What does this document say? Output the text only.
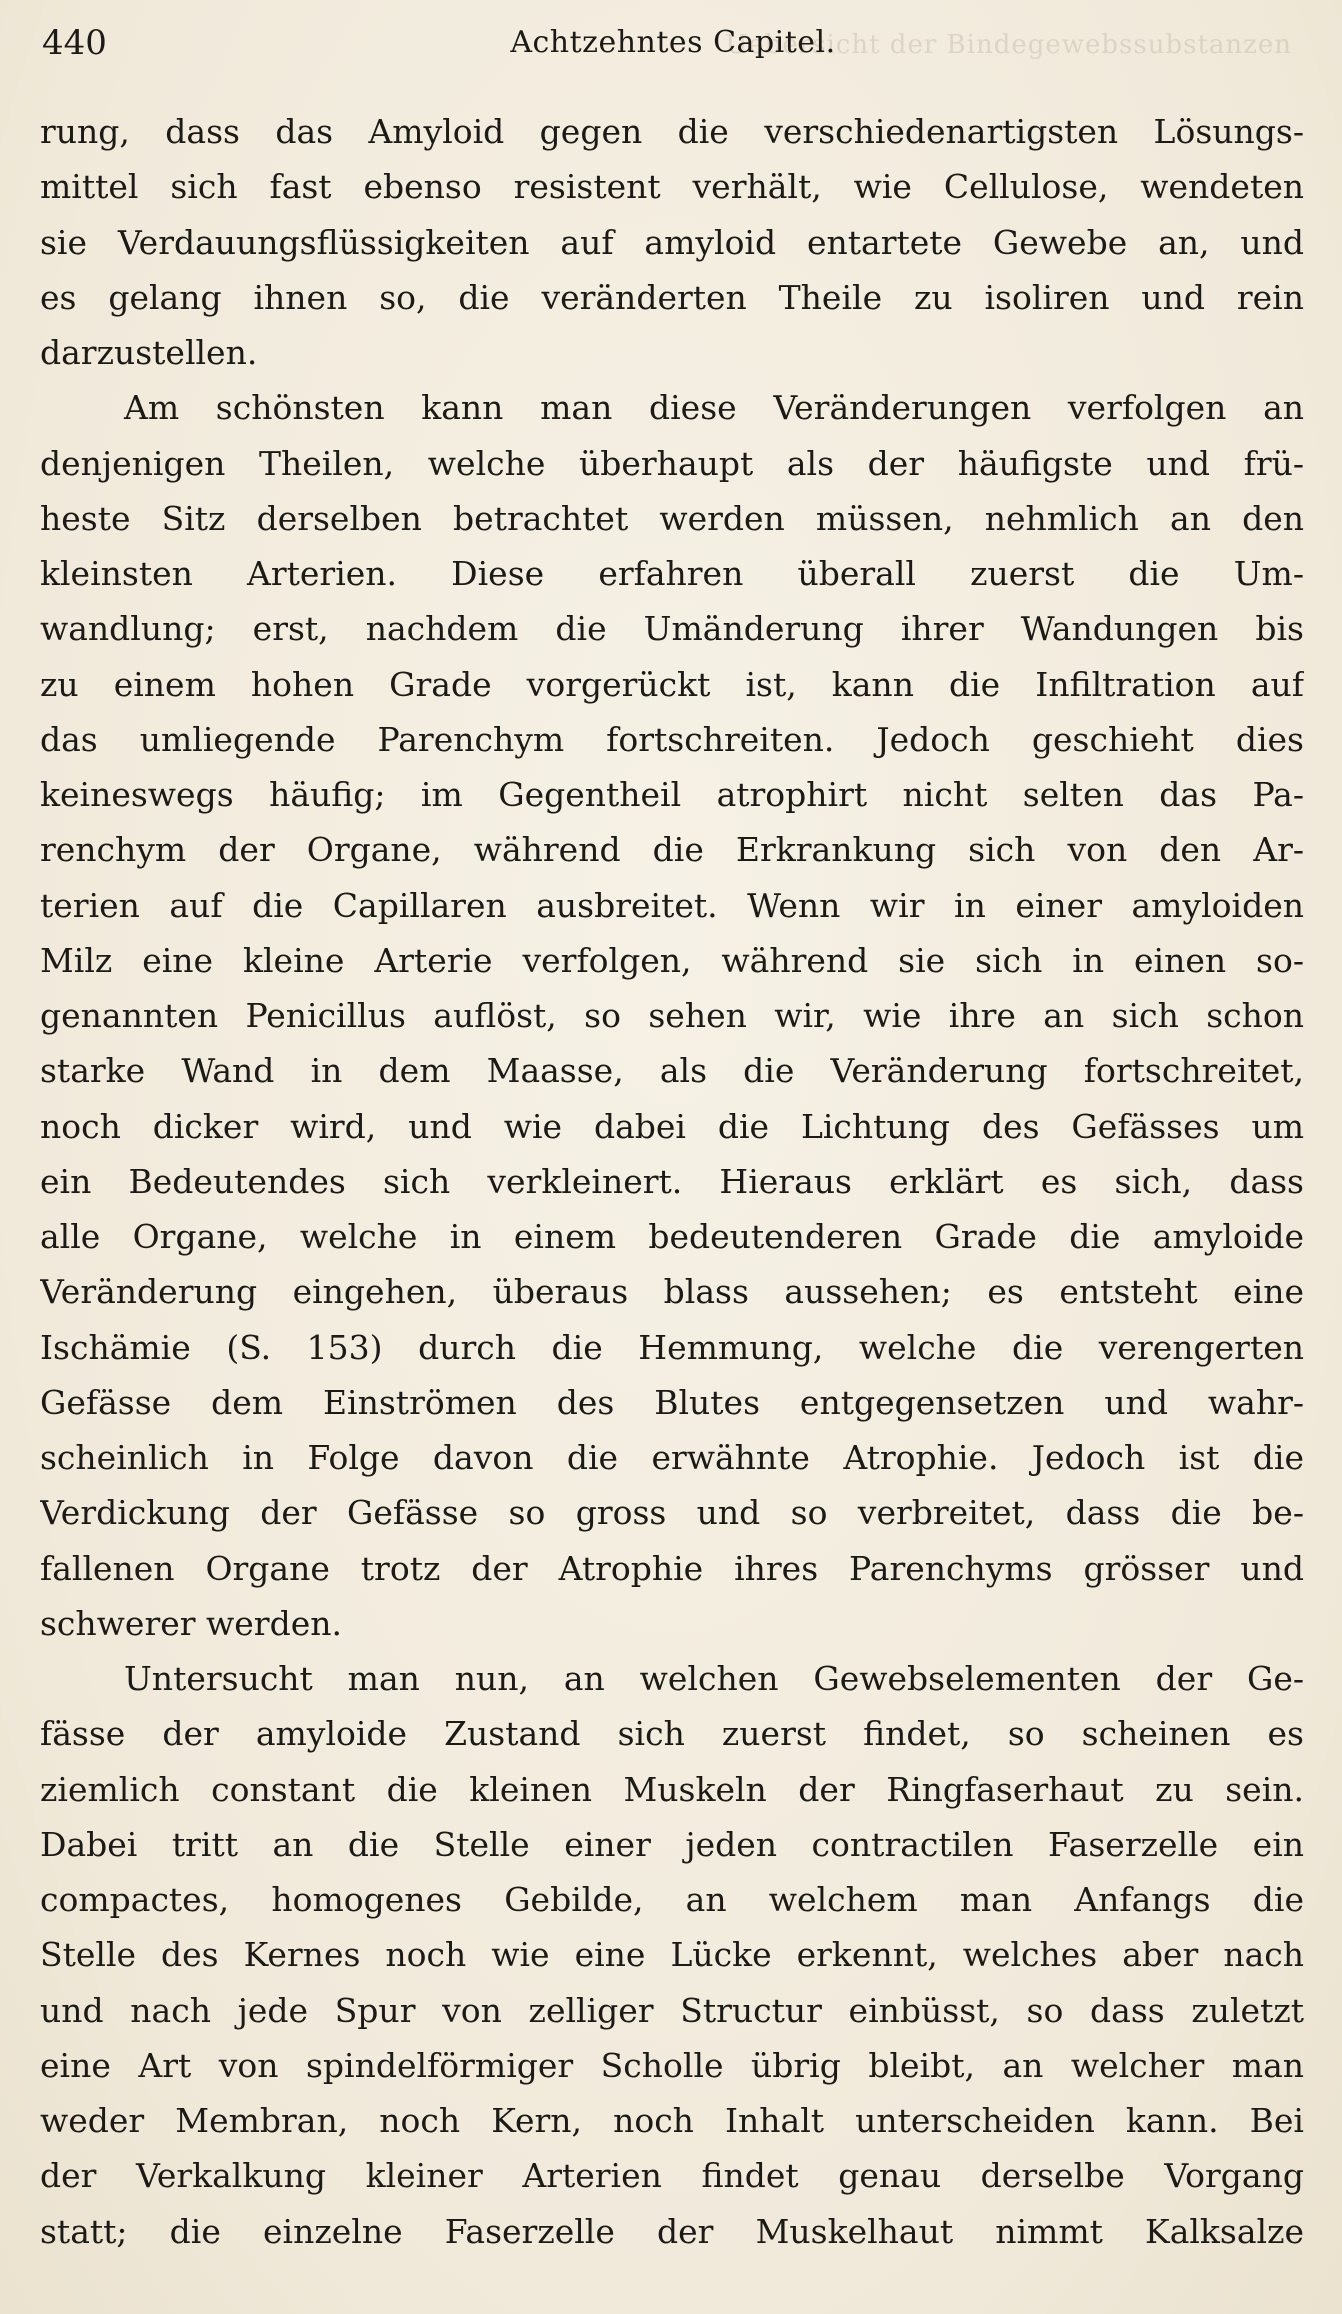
Uebersicht der Bindegewebssubstanzen
440	Achtzehntes Capitel.
rung, dass das Amyloid gegen die verschiedenartigsten Lösungs-
mittel sich fast ebenso resistent verhält, wie Cellulose, wendeten
sie Verdauungsflüssigkeiten auf amyloid entartete Gewebe an, und
es gelang ihnen so, die veränderten Theile zu isoliren und rein
darzustellen.
Am schönsten kann man diese Veränderungen verfolgen an
denjenigen Theilen, welche überhaupt als der häufigste und frü-
heste Sitz derselben betrachtet werden müssen, nehmlich an den
kleinsten Arterien. Diese erfahren überall zuerst die Um-
wandlung; erst, nachdem die Umänderung ihrer Wandungen bis
zu einem hohen Grade vorgerückt ist, kann die Infiltration auf
das umliegende Parenchym fortschreiten. Jedoch geschieht dies
keineswegs häufig; im Gegentheil atrophirt nicht selten das Pa-
renchym der Organe, während die Erkrankung sich von den Ar-
terien auf die Capillaren ausbreitet. Wenn wir in einer amyloiden
Milz eine kleine Arterie verfolgen, während sie sich in einen so-
genannten Penicillus auflöst, so sehen wir, wie ihre an sich schon
starke Wand in dem Maasse, als die Veränderung fortschreitet,
noch dicker wird, und wie dabei die Lichtung des Gefässes um
ein Bedeutendes sich verkleinert. Hieraus erklärt es sich, dass
alle Organe, welche in einem bedeutenderen Grade die amyloide
Veränderung eingehen, überaus blass aussehen; es entsteht eine
Ischämie (S. 153) durch die Hemmung, welche die verengerten
Gefässe dem Einströmen des Blutes entgegensetzen und wahr-
scheinlich in Folge davon die erwähnte Atrophie. Jedoch ist die
Verdickung der Gefässe so gross und so verbreitet, dass die be-
fallenen Organe trotz der Atrophie ihres Parenchyms grösser und
schwerer werden.
Untersucht man nun, an welchen Gewebselementen der Ge-
fässe der amyloide Zustand sich zuerst findet, so scheinen es
ziemlich constant die kleinen Muskeln der Ringfaserhaut zu sein.
Dabei tritt an die Stelle einer jeden contractilen Faserzelle ein
compactes, homogenes Gebilde, an welchem man Anfangs die
Stelle des Kernes noch wie eine Lücke erkennt, welches aber nach
und nach jede Spur von zelliger Structur einbüsst, so dass zuletzt
eine Art von spindelförmiger Scholle übrig bleibt, an welcher man
weder Membran, noch Kern, noch Inhalt unterscheiden kann. Bei
der Verkalkung kleiner Arterien findet genau derselbe Vorgang
statt; die einzelne Faserzelle der Muskelhaut nimmt Kalksalze
